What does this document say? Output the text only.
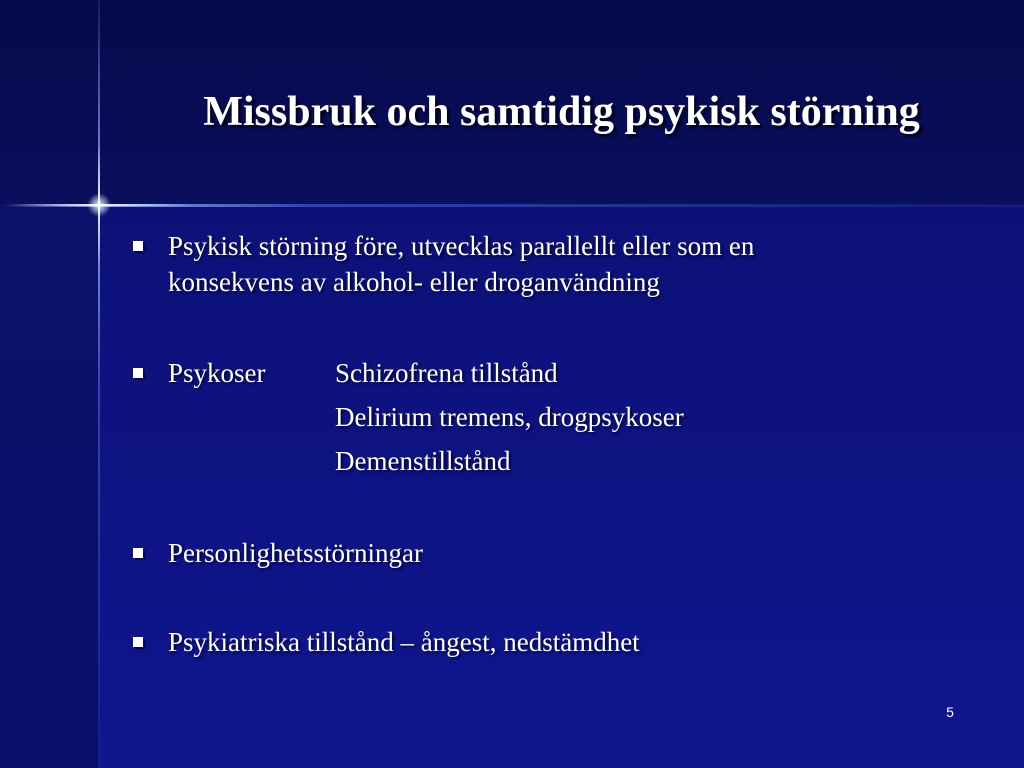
Missbruk och samtidig psykisk störning
Psykisk störning före, utvecklas parallellt eller som en
konsekvens av alkohol- eller droganvändning
Psykoser	Schizofrena tillstånd
Delirium tremens, drogpsykoser
Demenstillstånd
Personlighetsstörningar
Psykiatriska tillstånd – ångest, nedstämdhet
5
